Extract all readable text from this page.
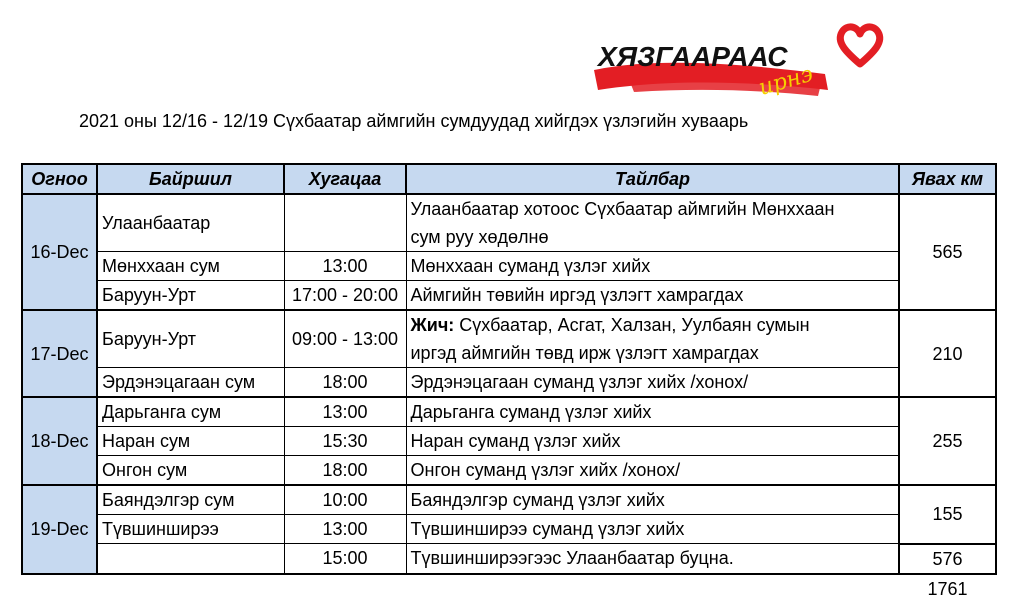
ХЯЗГААРААС
ирнэ
2021 оны 12/16 - 12/19 Сүхбаатар аймгийн сумдуудад хийгдэх үзлэгийн хуваарь
Огноо	Байршил	Хугацаа	Тайлбар	Явах км
16-Dec	Улаанбаатар		Улаанбаатар хотоос Сүхбаатар аймгийн Мөнххаан
сум руу хөдөлнө	565
	Мөнххаан сум	13:00	Мөнххаан суманд үзлэг хийх	
	Баруун-Урт	17:00 - 20:00	Аймгийн төвийн иргэд үзлэгт хамрагдах	
17-Dec	Баруун-Урт	09:00 - 13:00	Жич: Сүхбаатар, Асгат, Халзан, Уулбаян сумын
иргэд аймгийн төвд ирж үзлэгт хамрагдах	210
	Эрдэнэцагаан сум	18:00	Эрдэнэцагаан суманд үзлэг хийх /хонох/	
18-Dec	Дарьганга сум	13:00	Дарьганга суманд үзлэг хийх	255
	Наран сум	15:30	Наран суманд үзлэг хийх	
	Онгон сум	18:00	Онгон суманд үзлэг хийх /хонох/	
19-Dec	Баяндэлгэр сум	10:00	Баяндэлгэр суманд үзлэг хийх	155
	Түвшинширээ	13:00	Түвшинширээ суманд үзлэг хийх	
		15:00	Түвшинширээгээс Улаанбаатар буцна.	576
				1761
